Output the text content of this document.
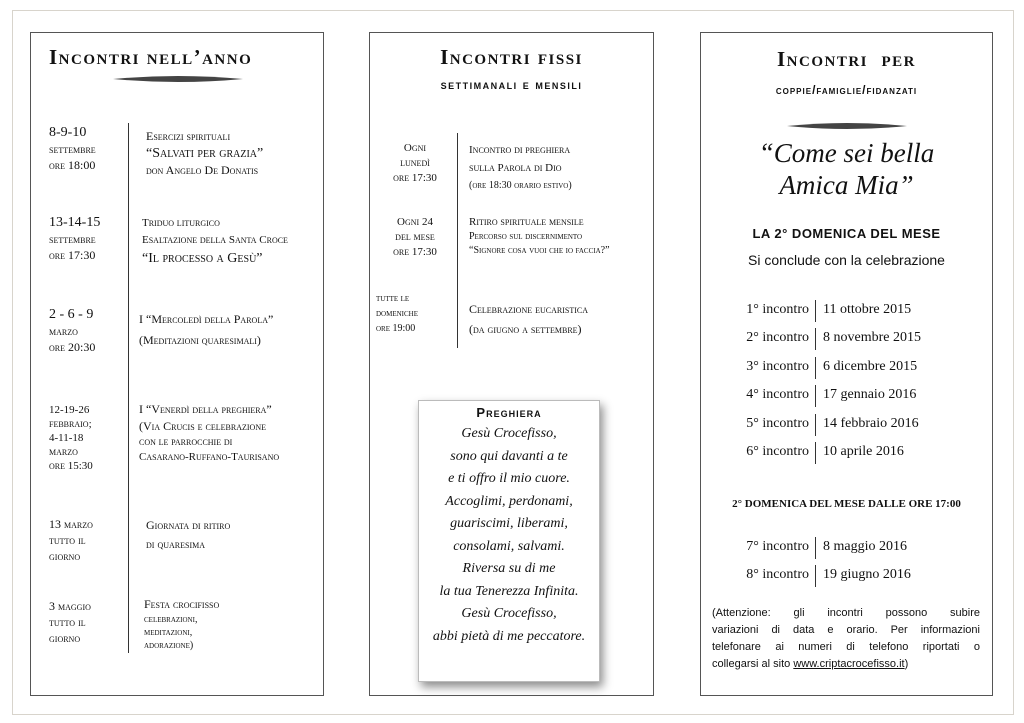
Incontri nell’anno
8-9-10
settembre
ore 18:00
Esercizi spirituali
“Salvati per grazia”
don Angelo De Donatis
13-14-15
settembre
ore 17:30
Triduo liturgico
Esaltazione della Santa Croce
“Il processo a Gesù”
2 - 6 - 9
marzo
ore 20:30
I “Mercoledì della Parola”
(Meditazioni quaresimali)
12-19-26
febbraio;
4-11-18
marzo
ore 15:30
I “Venerdì della preghiera”
(Via Crucis e celebrazione
con le parrocchie di
Casarano-Ruffano-Taurisano
13 marzo
tutto il
giorno
Giornata di ritiro
di quaresima
3 maggio
tutto il
giorno
Festa crocifisso
celebrazioni,
meditazioni,
adorazione)
Incontri fissi
settimanali e mensili
Ogni
lunedì
ore 17:30
Incontro di preghiera
sulla Parola di Dio
(ore 18:30 orario estivo)
Ogni 24
del mese
ore 17:30
Ritiro spirituale mensile
Percorso sul discernimento
“Signore cosa vuoi che io faccia?”
tutte le
domeniche
ore 19:00
Celebrazione eucaristica
(da giugno a settembre)
Preghiera
Gesù Crocefisso,
sono qui davanti a te
e ti offro il mio cuore.
Accoglimi, perdonami,
guariscimi, liberami,
consolami, salvami.
Riversa su di me
la tua Tenerezza Infinita.
Gesù Crocefisso,
abbi pietà di me peccatore.
Incontri  per
coppie/famiglie/fidanzati
“Come sei bella
Amica Mia”
LA 2° DOMENICA DEL MESE
Si conclude con la celebrazione
1° incontro 11 ottobre 2015
2° incontro 8 novembre 2015
3° incontro 6 dicembre 2015
4° incontro 17 gennaio 2016
5° incontro 14 febbraio 2016
6° incontro 10 aprile 2016
2° DOMENICA DEL MESE DALLE ORE 17:00
7° incontro 8 maggio 2016
8° incontro 19 giugno 2016
(Attenzione: gli incontri possono subire
variazioni di data e orario. Per informazioni
telefonare ai numeri di telefono riportati o
collegarsi al sito www.criptacrocefisso.it)
